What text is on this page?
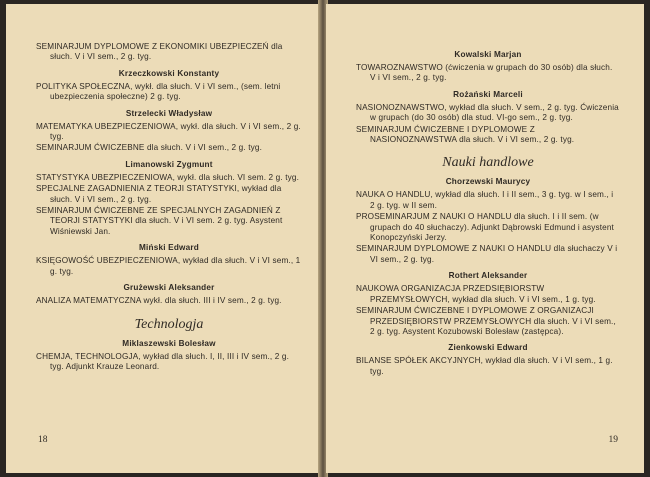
SEMINARJUM DYPLOMOWE Z EKONOMIKI UBEZPIECZEŃ dla słuch. V i VI sem., 2 g. tyg.
Krzeczkowski Konstanty
POLITYKA SPOŁECZNA, wykł. dla słuch. V i VI sem., (sem. letni ubezpieczenia społeczne) 2 g. tyg.
Strzelecki Władysław
MATEMATYKA UBEZPIECZENIOWA, wykł. dla słuch. V i VI sem., 2 g. tyg.
SEMINARJUM ĆWICZEBNE dla słuch. V i VI sem., 2 g. tyg.
Limanowski Zygmunt
STATYSTYKA UBEZPIECZENIOWA, wykł. dla słuch. VI sem. 2 g. tyg.
SPECJALNE ZAGADNIENIA Z TEORJI STATYSTYKI, wykład dla słuch. V i VI sem., 2 g. tyg.
SEMINARJUM ĆWICZEBNE ZE SPECJALNYCH ZAGADNIEŃ Z TEORJI STATYSTYKI dla słuch. V i VI sem. 2 g. tyg. Asystent Wiśniewski Jan.
Miński Edward
KSIĘGOWOŚĆ UBEZPIECZENIOWA, wykład dla słuch. V i VI sem., 1 g. tyg.
Grużewski Aleksander
ANALIZA MATEMATYCZNA wykł. dla słuch. III i IV sem., 2 g. tyg.
Technologja
Miklaszewski Bolesław
CHEMJA, TECHNOLOGJA, wykład dla słuch. I, II, III i IV sem., 2 g. tyg. Adjunkt Krauze Leonard.
18
Kowalski Marjan
TOWAROZNAWSTWO (ćwiczenia w grupach do 30 osób) dla słuch. V i VI sem., 2 g. tyg.
Rożański Marceli
NASIONOZNAWSTWO, wykład dla słuch. V sem., 2 g. tyg. Ćwiczenia w grupach (do 30 osób) dla stud. VI-go sem., 2 g. tyg.
SEMINARJUM ĆWICZEBNE I DYPLOMOWE Z NASIONOZNAWSTWA dla słuch. V i VI sem., 2 g. tyg.
Nauki handlowe
Chorzewski Maurycy
NAUKA O HANDLU, wykład dla słuch. I i II sem., 3 g. tyg. w I sem., i 2 g. tyg. w II sem.
PROSEMINARJUM Z NAUKI O HANDLU dla słuch. I i II sem. (w grupach do 40 słuchaczy). Adjunkt Dąbrowski Edmund i asystent Konopczyński Jerzy.
SEMINARJUM DYPLOMOWE Z NAUKI O HANDLU dla słuchaczy V i VI sem., 2 g. tyg.
Rothert Aleksander
NAUKOWA ORGANIZACJA PRZEDSIĘBIORSTW PRZEMYSŁOWYCH, wykład dla słuch. V i VI sem., 1 g. tyg.
SEMINARJUM ĆWICZEBNE I DYPLOMOWE Z ORGANIZACJI PRZEDSIĘBIORSTW PRZEMYSŁOWYCH dla słuch. V i VI sem., 2 g. tyg. Asystent Kozubowski Bolesław (zastępca).
Zienkowski Edward
BILANSE SPÓŁEK AKCYJNYCH, wykład dla słuch. V i VI sem., 1 g. tyg.
19
